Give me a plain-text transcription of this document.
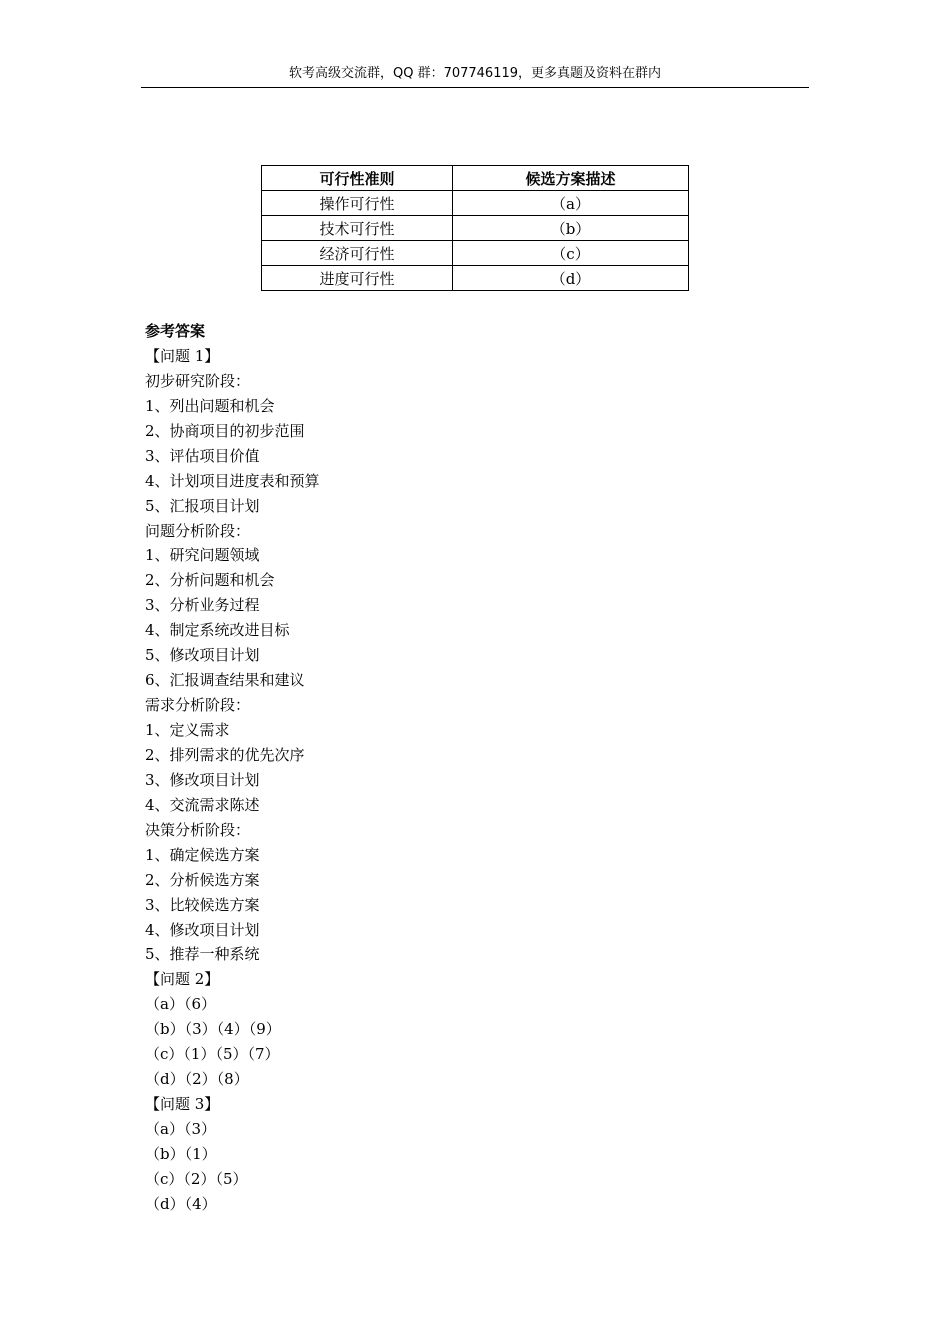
软考高级交流群，QQ 群：707746119，更多真题及资料在群内
可行性准则	候选方案描述
操作可行性	（a）
技术可行性	（b）
经济可行性	（c）
进度可行性	（d）
参考答案
【问题 1】
初步研究阶段：
1、列出问题和机会
2、协商项目的初步范围
3、评估项目价值
4、计划项目进度表和预算
5、汇报项目计划
问题分析阶段：
1、研究问题领域
2、分析问题和机会
3、分析业务过程
4、制定系统改进目标
5、修改项目计划
6、汇报调查结果和建议
需求分析阶段：
1、定义需求
2、排列需求的优先次序
3、修改项目计划
4、交流需求陈述
决策分析阶段：
1、确定候选方案
2、分析候选方案
3、比较候选方案
4、修改项目计划
5、推荐一种系统
【问题 2】
（a）（6）
（b）（3）（4）（9）
（c）（1）（5）（7）
（d）（2）（8）
【问题 3】
（a）（3）
（b）（1）
（c）（2）（5）
（d）（4）
